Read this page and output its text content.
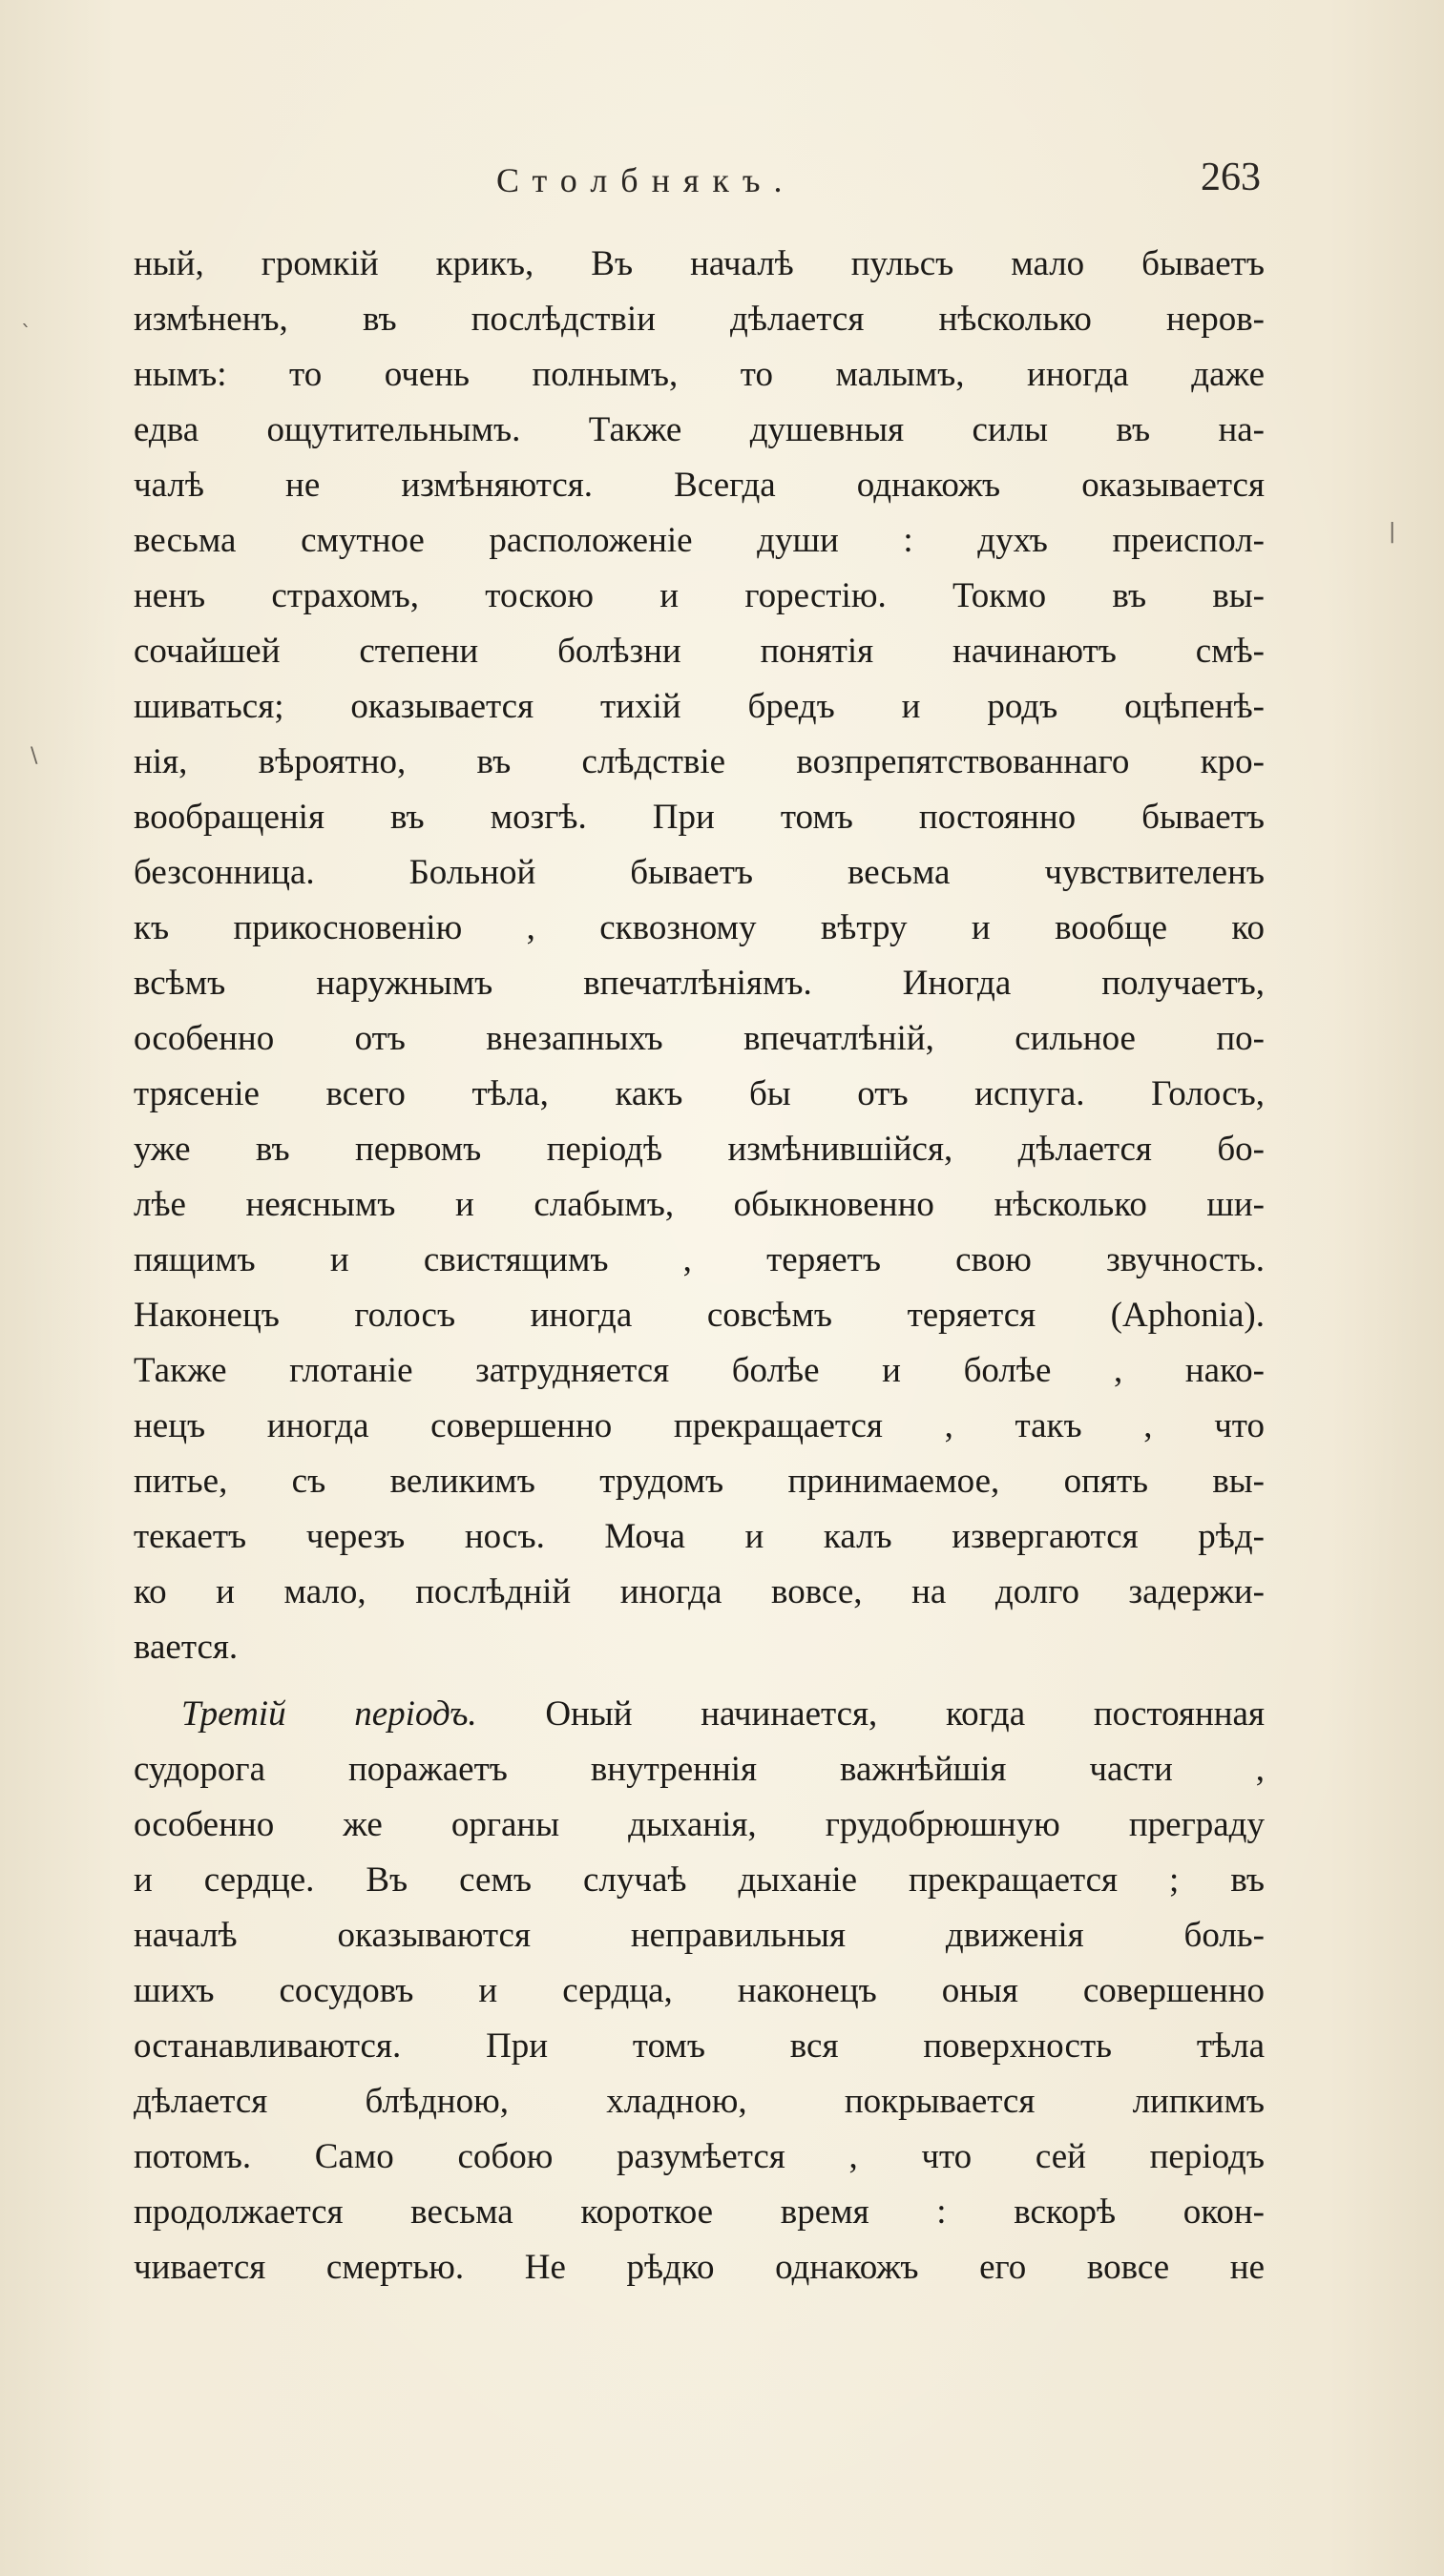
Столбнякъ.	263
`
\
|
ный, громкій крикъ, Въ началѣ пульсъ мало бываетъ
измѣненъ, въ послѣдствіи дѣлается нѣсколько неров-
нымъ: то очень полнымъ, то малымъ, иногда даже
едва ощутительнымъ. Также душевныя силы въ на-
чалѣ не измѣняются. Всегда однакожъ оказывается
весьма смутное расположеніе души : духъ преиспол-
ненъ страхомъ, тоскою и горестію. Токмо въ вы-
сочайшей степени болѣзни понятія начинаютъ смѣ-
шиваться; оказывается тихій бредъ и родъ оцѣпенѣ-
нія, вѣроятно, въ слѣдствіе возпрепятствованнаго кро-
вообращенія въ мозгѣ. При томъ постоянно бываетъ
безсонница. Больной бываетъ весьма чувствителенъ
къ прикосновенію , сквозному вѣтру и вообще ко
всѣмъ наружнымъ впечатлѣніямъ. Иногда получаетъ,
особенно отъ внезапныхъ впечатлѣній, сильное по-
трясеніе всего тѣла, какъ бы отъ испуга. Голосъ,
уже въ первомъ періодѣ измѣнившійся, дѣлается бо-
лѣе неяснымъ и слабымъ, обыкновенно нѣсколько ши-
пящимъ и свистящимъ , теряетъ свою звучность.
Наконецъ голосъ иногда совсѣмъ теряется (Aphonia).
Также глотаніе затрудняется болѣе и болѣе , нако-
нецъ иногда совершенно прекращается , такъ , что
питье, съ великимъ трудомъ принимаемое, опять вы-
текаетъ черезъ носъ. Моча и калъ извергаются рѣд-
ко и мало, послѣдній иногда вовсе, на долго задержи-
вается.
Третій періодъ. Оный начинается, когда постоянная
судорога поражаетъ внутреннія важнѣйшія части ,
особенно же органы дыханія, грудобрюшную преграду
и сердце. Въ семъ случаѣ дыханіе прекращается ; въ
началѣ оказываются неправильныя движенія боль-
шихъ сосудовъ и сердца, наконецъ оныя совершенно
останавливаются. При томъ вся поверхность тѣла
дѣлается блѣдною, хладною, покрывается липкимъ
потомъ. Само собою разумѣется , что сей періодъ
продолжается весьма короткое время : вскорѣ окон-
чивается смертью. Не рѣдко однакожъ его вовсе не
